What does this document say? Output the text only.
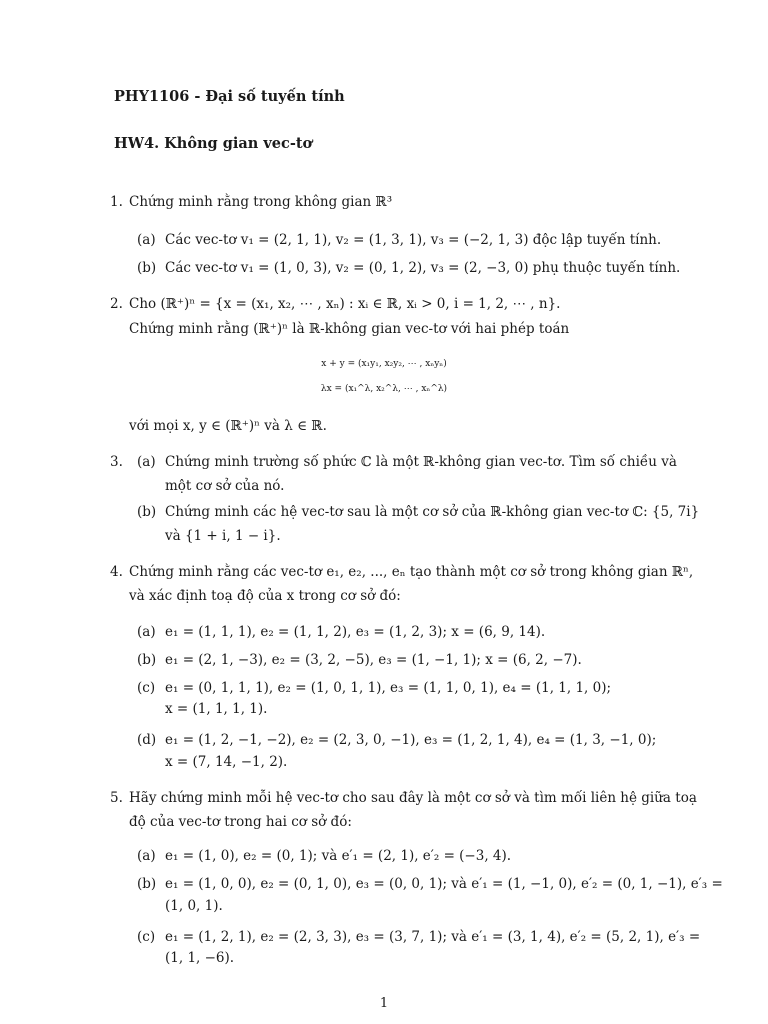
PHY1106 - Đại số tuyến tính
HW4. Không gian vec-tơ
1. Chứng minh rằng trong không gian ℝ³
(a) Các vec-tơ v₁ = (2, 1, 1), v₂ = (1, 3, 1), v₃ = (−2, 1, 3) độc lập tuyến tính.
(b) Các vec-tơ v₁ = (1, 0, 3), v₂ = (0, 1, 2), v₃ = (2, −3, 0) phụ thuộc tuyến tính.
2. Cho (ℝ⁺)ⁿ = {x = (x₁, x₂, ⋯ , xₙ) : xᵢ ∈ ℝ, xᵢ > 0, i = 1, 2, ⋯ , n}.
Chứng minh rằng (ℝ⁺)ⁿ là ℝ-không gian vec-tơ với hai phép toán
x + y = (x₁y₁, x₂y₂, ⋯ , xₙyₙ)
λx = (x₁^λ, x₂^λ, ⋯ , xₙ^λ)
với mọi x, y ∈ (ℝ⁺)ⁿ và λ ∈ ℝ.
3. (a) Chứng minh trường số phức ℂ là một ℝ-không gian vec-tơ. Tìm số chiều và
một cơ sở của nó.
(b) Chứng minh các hệ vec-tơ sau là một cơ sở của ℝ-không gian vec-tơ ℂ: {5, 7i}
và {1 + i, 1 − i}.
4. Chứng minh rằng các vec-tơ e₁, e₂, ..., eₙ tạo thành một cơ sở trong không gian ℝⁿ,
và xác định toạ độ của x trong cơ sở đó:
(a) e₁ = (1, 1, 1), e₂ = (1, 1, 2), e₃ = (1, 2, 3); x = (6, 9, 14).
(b) e₁ = (2, 1, −3), e₂ = (3, 2, −5), e₃ = (1, −1, 1); x = (6, 2, −7).
(c) e₁ = (0, 1, 1, 1), e₂ = (1, 0, 1, 1), e₃ = (1, 1, 0, 1), e₄ = (1, 1, 1, 0);
x = (1, 1, 1, 1).
(d) e₁ = (1, 2, −1, −2), e₂ = (2, 3, 0, −1), e₃ = (1, 2, 1, 4), e₄ = (1, 3, −1, 0);
x = (7, 14, −1, 2).
5. Hãy chứng minh mỗi hệ vec-tơ cho sau đây là một cơ sở và tìm mối liên hệ giữa toạ
độ của vec-tơ trong hai cơ sở đó:
(a) e₁ = (1, 0), e₂ = (0, 1); và e′₁ = (2, 1), e′₂ = (−3, 4).
(b) e₁ = (1, 0, 0), e₂ = (0, 1, 0), e₃ = (0, 0, 1); và e′₁ = (1, −1, 0), e′₂ = (0, 1, −1), e′₃ =
(1, 0, 1).
(c) e₁ = (1, 2, 1), e₂ = (2, 3, 3), e₃ = (3, 7, 1); và e′₁ = (3, 1, 4), e′₂ = (5, 2, 1), e′₃ =
(1, 1, −6).
1
